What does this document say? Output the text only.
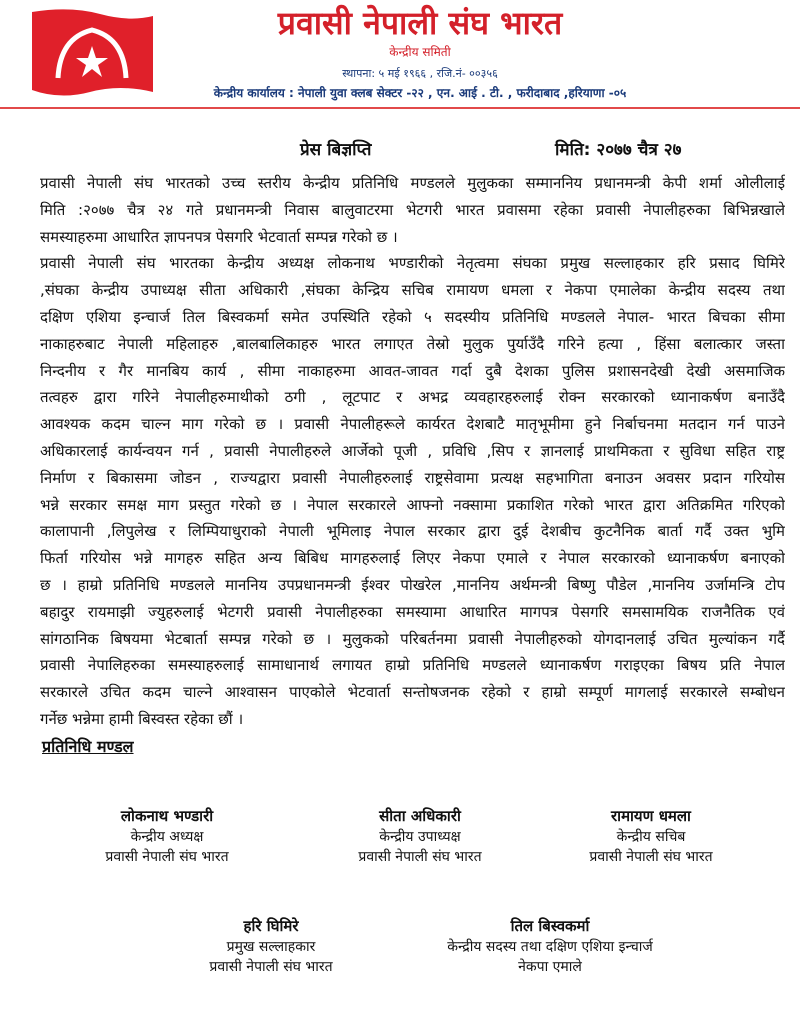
प्रवासी नेपाली संघ भारत
केन्द्रीय समिती
स्थापना: ५ मई १९६६ , रजि.नं- ००३५६
केन्द्रीय कार्यालय : नेपाली युवा क्लब सेक्टर -२२ , एन. आई . टी. , फरीदाबाद ,हरियाणा -०५
प्रेस बिज्ञप्ति	मिति: २०७७ चैत्र २७
प्रवासी नेपाली संघ भारतको उच्च स्तरीय केन्द्रीय प्रतिनिधि मण्डलले मुलुकका सम्माननिय प्रधानमन्त्री केपी शर्मा ओलीलाई
मिति :२०७७ चैत्र २४ गते प्रधानमन्त्री निवास बालुवाटरमा भेटगरी भारत प्रवासमा रहेका प्रवासी नेपालीहरुका बिभिन्नखाले
समस्याहरुमा आधारित ज्ञापनपत्र पेसगरि भेटवार्ता सम्पन्न गरेको छ ।
प्रवासी नेपाली संघ भारतका केन्द्रीय अध्यक्ष लोकनाथ भण्डारीको नेतृत्वमा संघका प्रमुख सल्लाहकार हरि प्रसाद घिमिरे
,संघका केन्द्रीय उपाध्यक्ष सीता अधिकारी ,संघका केन्द्रिय सचिब रामायण धमला र नेकपा एमालेका केन्द्रीय सदस्य तथा
दक्षिण एशिया इन्चार्ज तिल बिस्वकर्मा समेत उपस्थिति रहेको ५ सदस्यीय प्रतिनिधि मण्डलले नेपाल- भारत बिचका सीमा
नाकाहरुबाट नेपाली महिलाहरु ,बालबालिकाहरु भारत लगाएत तेस्रो मुलुक पुर्याउँदै गरिने हत्या , हिंसा बलात्कार जस्ता
निन्दनीय र गैर मानबिय कार्य , सीमा नाकाहरुमा आवत-जावत गर्दा दुबै देशका पुलिस प्रशासनदेखी देखी असमाजिक
तत्वहरु द्वारा गरिने नेपालीहरुमाथीको ठगी , लूटपाट र अभद्र व्यवहारहरुलाई रोक्न सरकारको ध्यानाकर्षण बनाउँदै
आवश्यक कदम चाल्न माग गरेको छ । प्रवासी नेपालीहरूले कार्यरत देशबाटै मातृभूमीमा हुने निर्बाचनमा मतदान गर्न पाउने
अधिकारलाई कार्यन्वयन गर्न , प्रवासी नेपालीहरुले आर्जेको पूजी , प्रविधि ,सिप र ज्ञानलाई प्राथमिकता र सुविधा सहित राष्ट्र
निर्माण र बिकासमा जोडन , राज्यद्वारा प्रवासी नेपालीहरुलाई राष्ट्रसेवामा प्रत्यक्ष सहभागिता बनाउन अवसर प्रदान गरियोस
भन्ने सरकार समक्ष माग प्रस्तुत गरेको छ । नेपाल सरकारले आफ्नो नक्सामा प्रकाशित गरेको भारत द्वारा अतिक्रमित गरिएको
कालापानी ,लिपुलेख र लिम्पियाधुराको नेपाली भूमिलाइ नेपाल सरकार द्वारा दुई देशबीच कुटनैनिक बार्ता गर्दै उक्त भुमि
फिर्ता गरियोस भन्ने मागहरु सहित अन्य बिबिध मागहरुलाई लिएर नेकपा एमाले र नेपाल सरकारको ध्यानाकर्षण बनाएको
छ । हाम्रो प्रतिनिधि मण्डलले माननिय उपप्रधानमन्त्री ईश्वर पोखरेल ,माननिय अर्थमन्त्री बिष्णु पौडेल ,माननिय उर्जामन्त्रि टोप
बहादुर रायमाझी ज्युहरुलाई भेटगरी प्रवासी नेपालीहरुका समस्यामा आधारित मागपत्र पेसगरि समसामयिक राजनैतिक एवं
सांगठानिक बिषयमा भेटबार्ता सम्पन्न गरेको छ । मुलुकको परिबर्तनमा प्रवासी नेपालीहरुको योगदानलाई उचित मुल्यांकन गर्दै
प्रवासी नेपालिहरुका समस्याहरुलाई सामाधानार्थ लगायत हाम्रो प्रतिनिधि मण्डलले ध्यानाकर्षण गराइएका बिषय प्रति नेपाल
सरकारले उचित कदम चाल्ने आश्वासन पाएकोले भेटवार्ता सन्तोषजनक रहेको र हाम्रो सम्पूर्ण मागलाई सरकारले सम्बोधन
गर्नेछ भन्नेमा हामी बिस्वस्त रहेका छौं ।
प्रतिनिधि मण्डल
लोकनाथ भण्डारी
केन्द्रीय अध्यक्ष
प्रवासी नेपाली संघ भारत
सीता अधिकारी
केन्द्रीय उपाध्यक्ष
प्रवासी नेपाली संघ भारत
रामायण धमला
केन्द्रीय सचिब
प्रवासी नेपाली संघ भारत
हरि घिमिरे
प्रमुख सल्लाहकार
प्रवासी नेपाली संघ भारत
तिल बिस्वकर्मा
केन्द्रीय सदस्य तथा दक्षिण एशिया इन्चार्ज
नेकपा एमाले
